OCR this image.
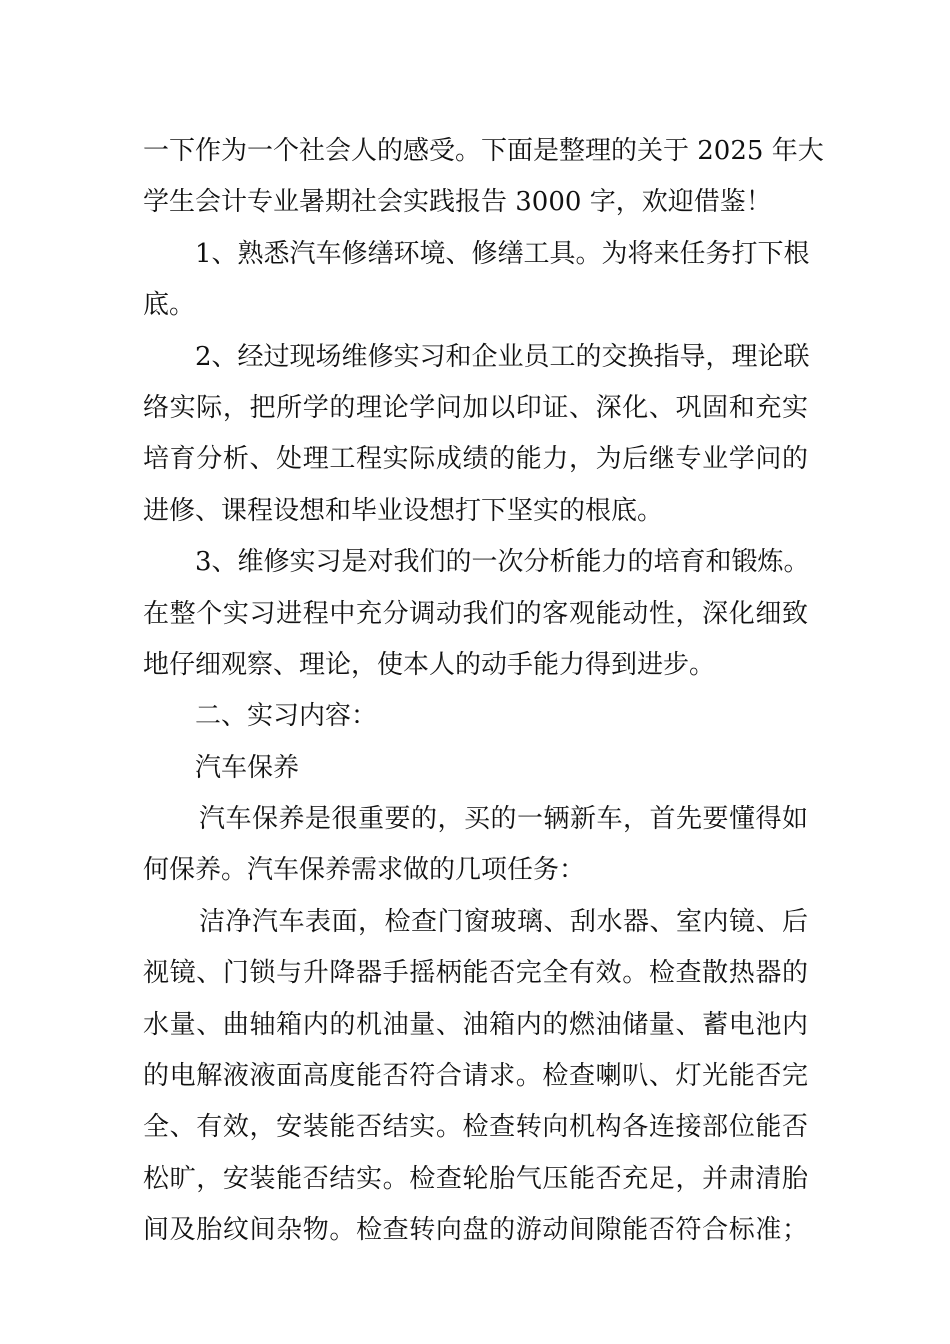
一下作为一个社会人的感受。下面是整理的关于 2025 年大
学生会计专业暑期社会实践报告 3000 字，欢迎借鉴！
1、熟悉汽车修缮环境、修缮工具。为将来任务打下根
底。
2、经过现场维修实习和企业员工的交换指导，理论联
络实际，把所学的理论学问加以印证、深化、巩固和充实
培育分析、处理工程实际成绩的能力，为后继专业学问的
进修、课程设想和毕业设想打下坚实的根底。
3、维修实习是对我们的一次分析能力的培育和锻炼。
在整个实习进程中充分调动我们的客观能动性，深化细致
地仔细观察、理论，使本人的动手能力得到进步。
二、实习内容：
汽车保养
汽车保养是很重要的，买的一辆新车，首先要懂得如
何保养。汽车保养需求做的几项任务：
洁净汽车表面，检查门窗玻璃、刮水器、室内镜、后
视镜、门锁与升降器手摇柄能否完全有效。检查散热器的
水量、曲轴箱内的机油量、油箱内的燃油储量、蓄电池内
的电解液液面高度能否符合请求。检查喇叭、灯光能否完
全、有效，安装能否结实。检查转向机构各连接部位能否
松旷，安装能否结实。检查轮胎气压能否充足，并肃清胎
间及胎纹间杂物。检查转向盘的游动间隙能否符合标准；
